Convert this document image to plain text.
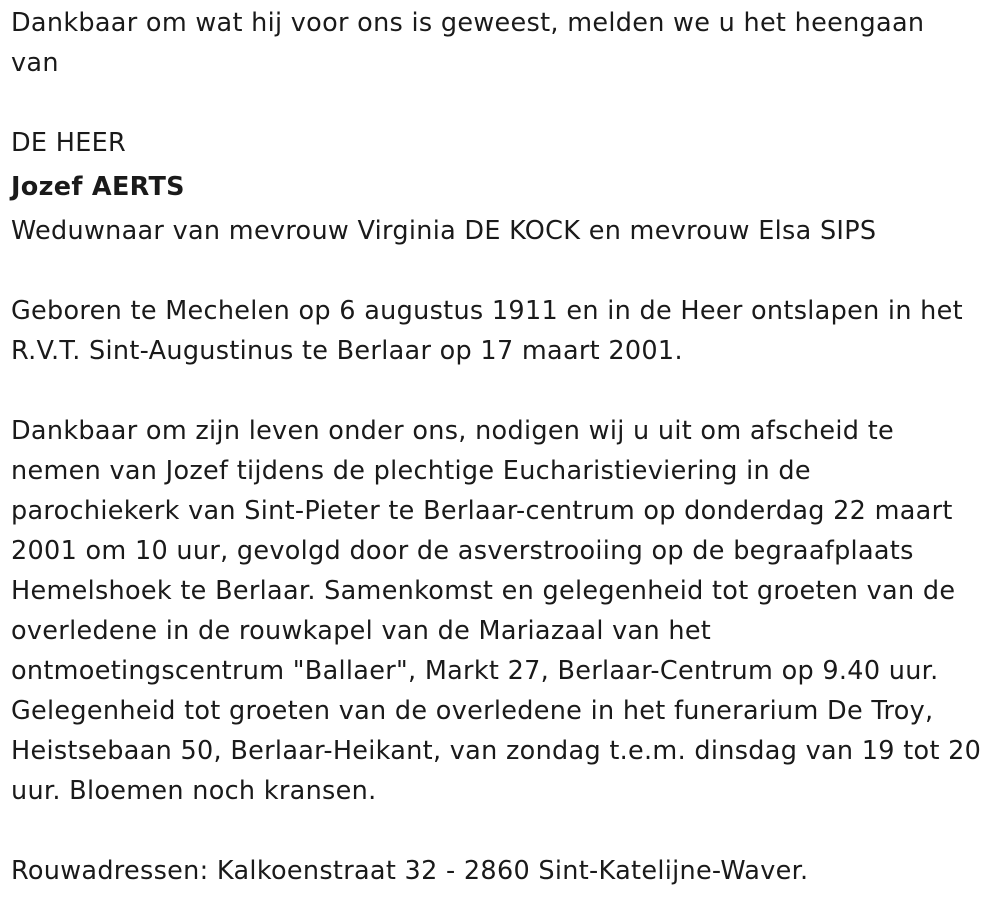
Dankbaar om wat hij voor ons is geweest, melden we u het heengaan
van
DE HEER
Jozef AERTS
Weduwnaar van mevrouw Virginia DE KOCK en mevrouw Elsa SIPS
Geboren te Mechelen op 6 augustus 1911 en in de Heer ontslapen in het
R.V.T. Sint-Augustinus te Berlaar op 17 maart 2001.
Dankbaar om zijn leven onder ons, nodigen wij u uit om afscheid te
nemen van Jozef tijdens de plechtige Eucharistieviering in de
parochiekerk van Sint-Pieter te Berlaar-centrum op donderdag 22 maart
2001 om 10 uur, gevolgd door de asverstrooiing op de begraafplaats
Hemelshoek te Berlaar. Samenkomst en gelegenheid tot groeten van de
overledene in de rouwkapel van de Mariazaal van het
ontmoetingscentrum "Ballaer", Markt 27, Berlaar-Centrum op 9.40 uur.
Gelegenheid tot groeten van de overledene in het funerarium De Troy,
Heistsebaan 50, Berlaar-Heikant, van zondag t.e.m. dinsdag van 19 tot 20
uur. Bloemen noch kransen.
Rouwadressen: Kalkoenstraat 32 - 2860 Sint-Katelijne-Waver.
